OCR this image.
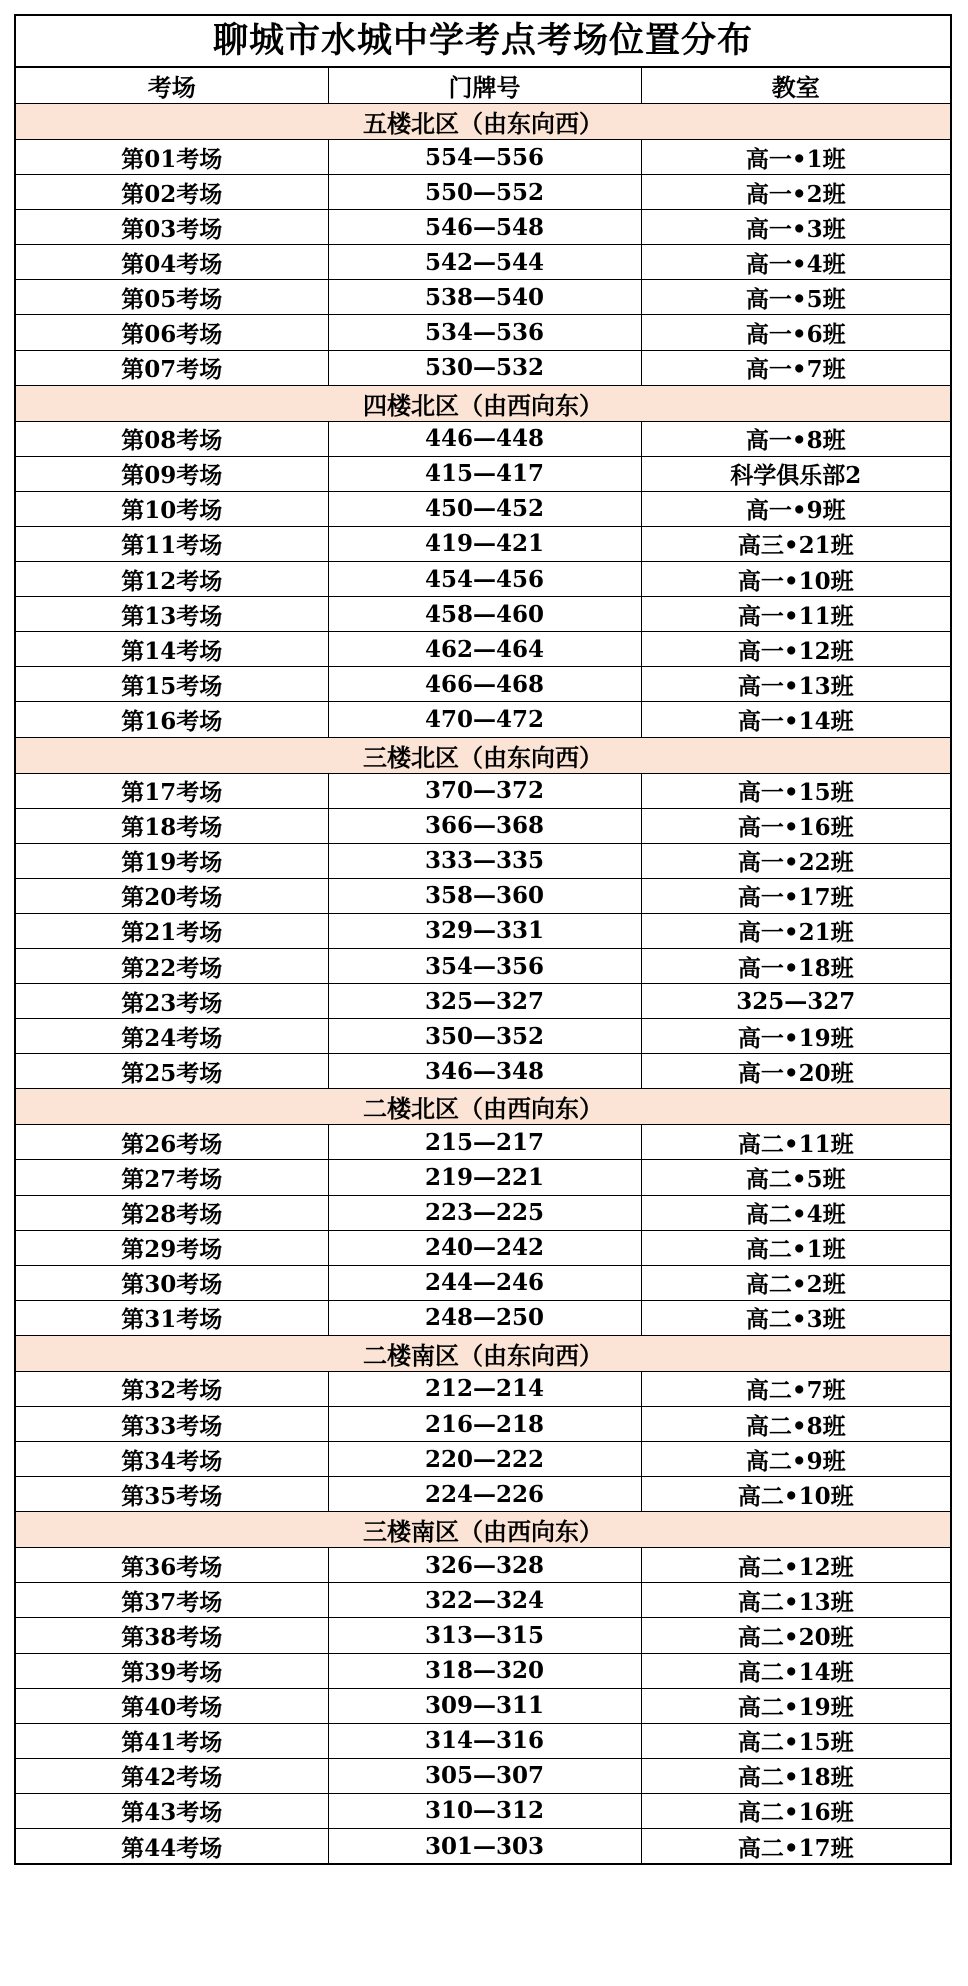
聊城市水城中学考点考场位置分布
考场	门牌号	教室
五楼北区（由东向西）		
第01考场	554—556	高一•1班
第02考场	550—552	高一•2班
第03考场	546—548	高一•3班
第04考场	542—544	高一•4班
第05考场	538—540	高一•5班
第06考场	534—536	高一•6班
第07考场	530—532	高一•7班
四楼北区（由西向东）		
第08考场	446—448	高一•8班
第09考场	415—417	科学俱乐部2
第10考场	450—452	高一•9班
第11考场	419—421	高三•21班
第12考场	454—456	高一•10班
第13考场	458—460	高一•11班
第14考场	462—464	高一•12班
第15考场	466—468	高一•13班
第16考场	470—472	高一•14班
三楼北区（由东向西）		
第17考场	370—372	高一•15班
第18考场	366—368	高一•16班
第19考场	333—335	高一•22班
第20考场	358—360	高一•17班
第21考场	329—331	高一•21班
第22考场	354—356	高一•18班
第23考场	325—327	325—327
第24考场	350—352	高一•19班
第25考场	346—348	高一•20班
二楼北区（由西向东）		
第26考场	215—217	高二•11班
第27考场	219—221	高二•5班
第28考场	223—225	高二•4班
第29考场	240—242	高二•1班
第30考场	244—246	高二•2班
第31考场	248—250	高二•3班
二楼南区（由东向西）		
第32考场	212—214	高二•7班
第33考场	216—218	高二•8班
第34考场	220—222	高二•9班
第35考场	224—226	高二•10班
三楼南区（由西向东）		
第36考场	326—328	高二•12班
第37考场	322—324	高二•13班
第38考场	313—315	高二•20班
第39考场	318—320	高二•14班
第40考场	309—311	高二•19班
第41考场	314—316	高二•15班
第42考场	305—307	高二•18班
第43考场	310—312	高二•16班
第44考场	301—303	高二•17班
